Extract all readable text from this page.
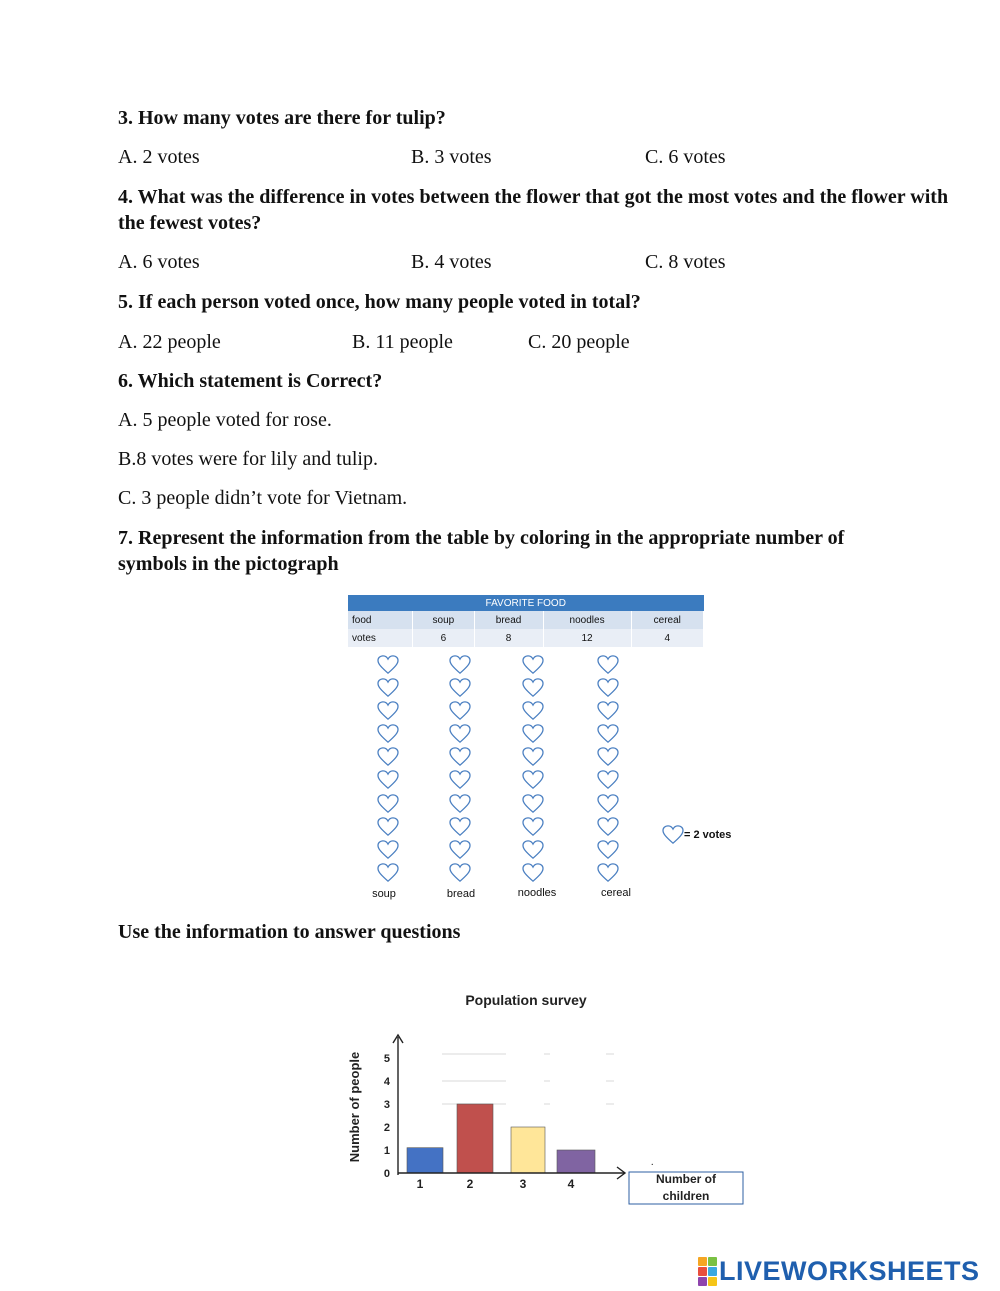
3. How many votes are there for tulip?
A. 2 votes	B. 3 votes	C. 6 votes
4. What was the difference in votes between the flower that got the most votes and the flower with the fewest votes?
A. 6 votes	B. 4 votes	C. 8 votes
5. If each person voted once, how many people voted in total?
A. 22 people	B. 11 people	C. 20 people
6. Which statement is Correct?
A. 5 people voted for rose.
B.8 votes were for lily and tulip.
C. 3 people didn’t vote for Vietnam.
7. Represent the information from the table by coloring in the appropriate number of symbols in the pictograph
FAVORITE FOOD				
food	soup	bread	noodles	cereal
votes	6	8	12	4
soup	bread	noodles	cereal
= 2 votes
Use the information to answer questions
Population survey
Number of people
0
1
2
3
4
5
1	2	3	4
.
Number of children

LIVEWORKSHEETS
